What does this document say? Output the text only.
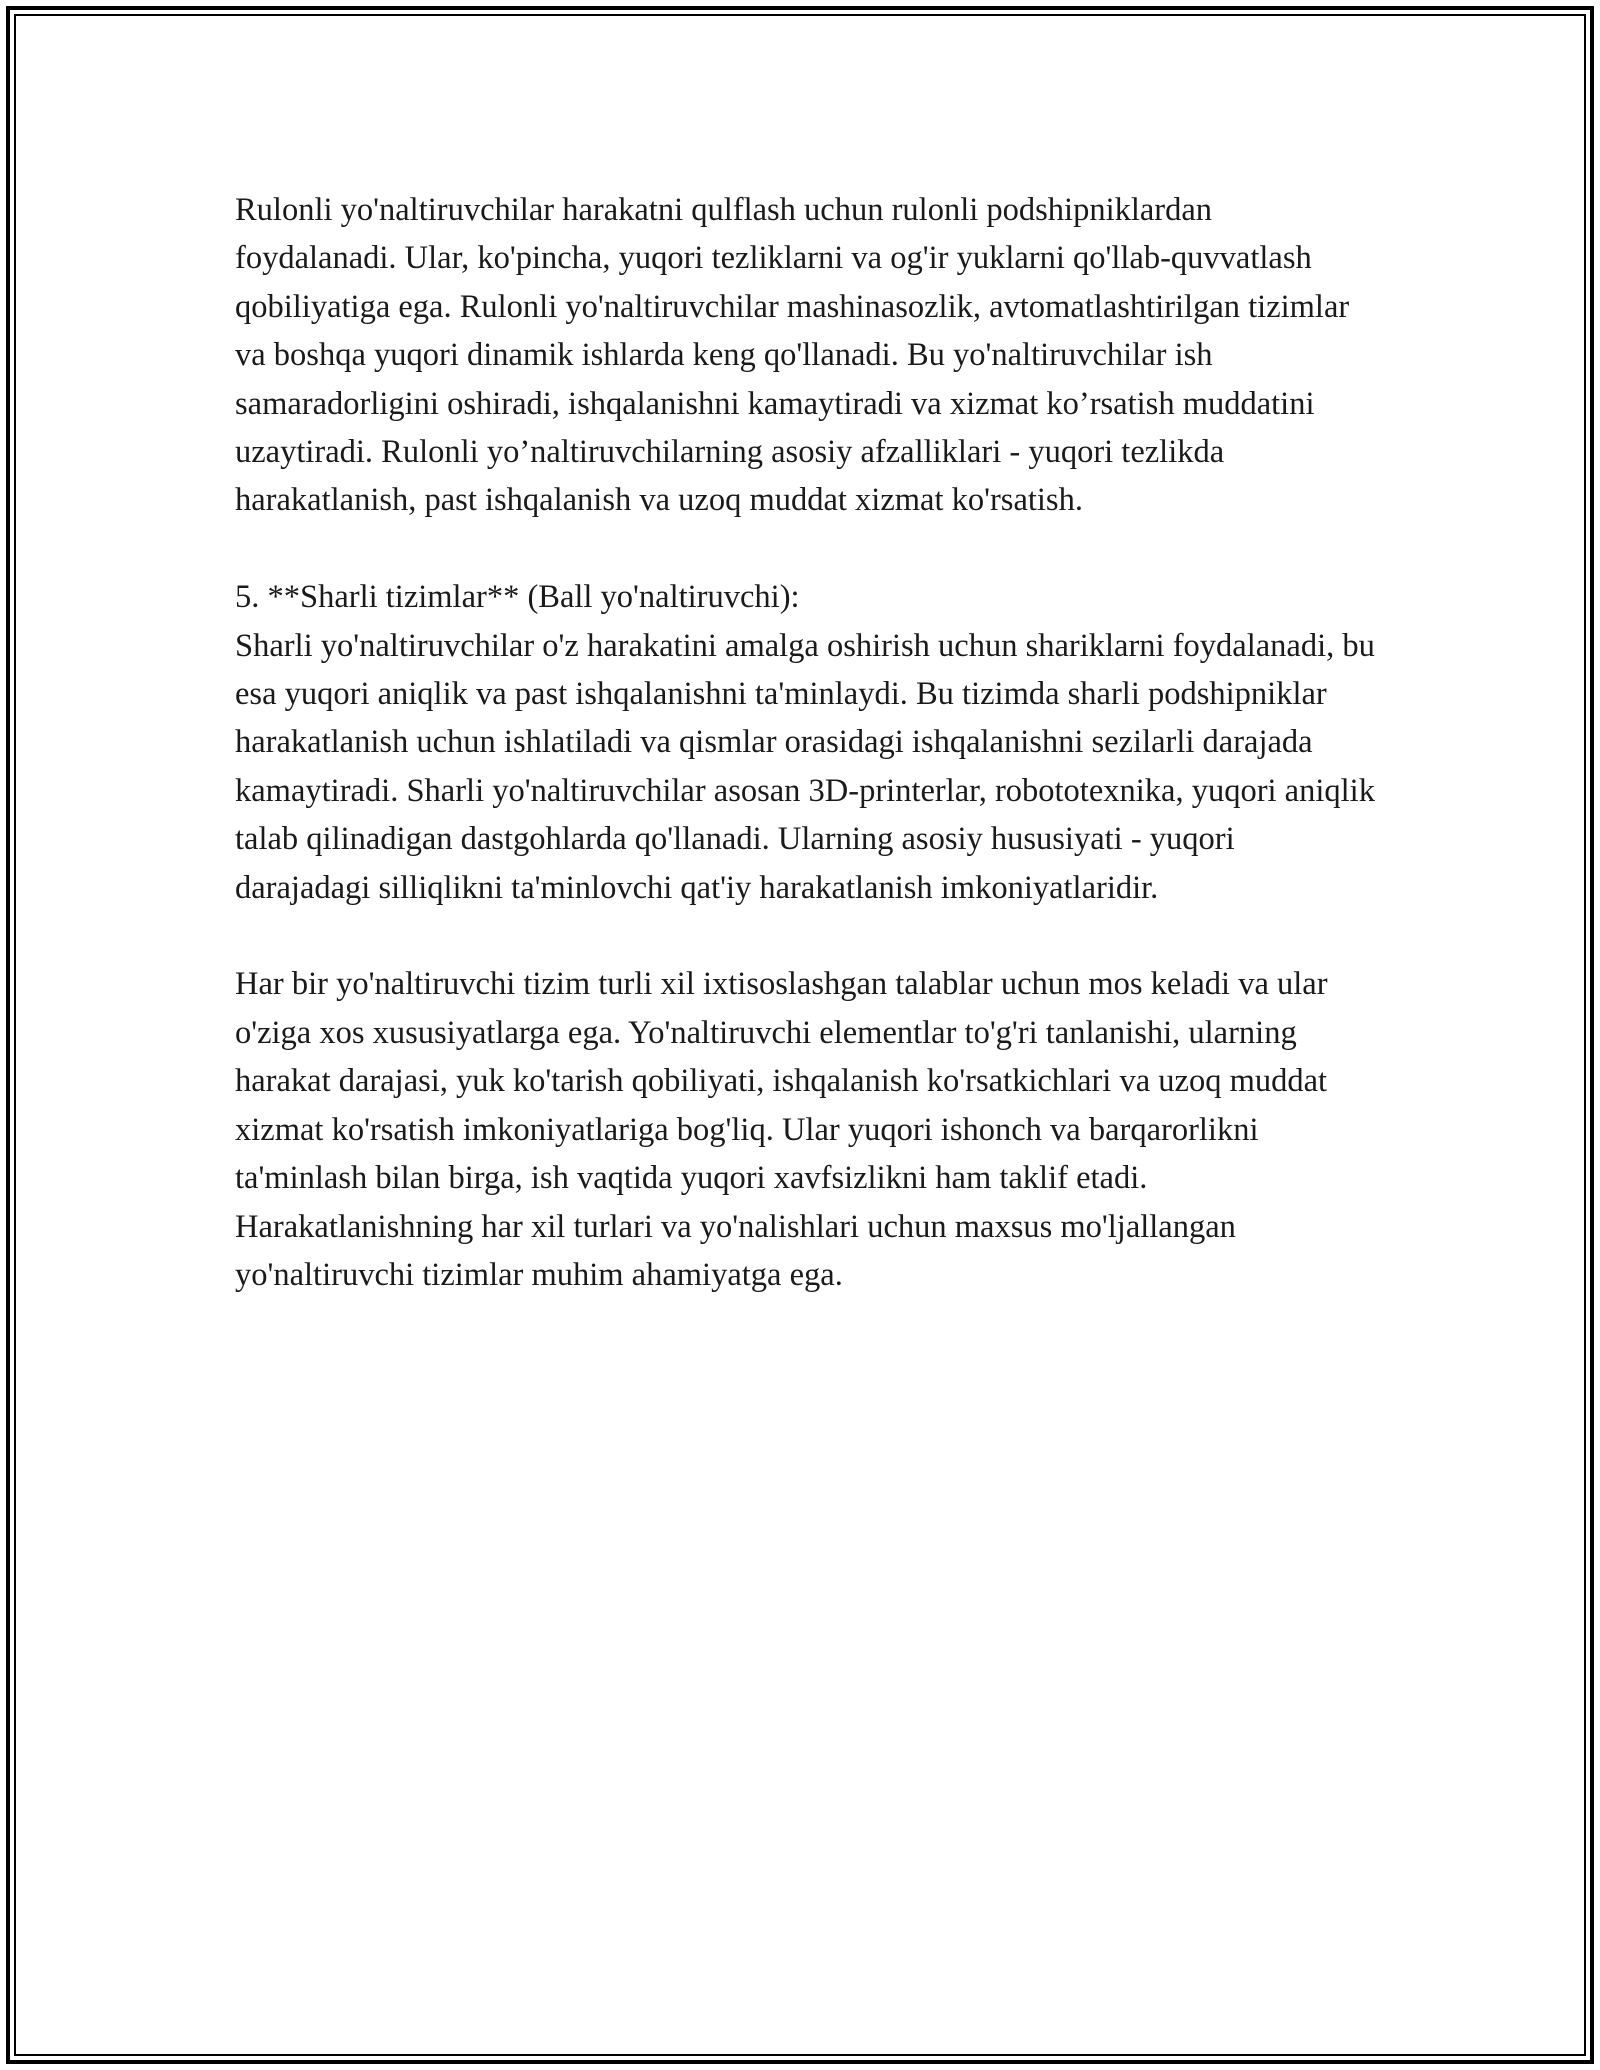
Rulonli yo'naltiruvchilar harakatni qulflash uchun rulonli podshipniklardan foydalanadi. Ular, ko'pincha, yuqori tezliklarni va og'ir yuklarni qo'llab-quvvatlash qobiliyatiga ega. Rulonli yo'naltiruvchilar mashinasozlik, avtomatlashtirilgan tizimlar va boshqa yuqori dinamik ishlarda keng qo'llanadi. Bu yo'naltiruvchilar ish samaradorligini oshiradi, ishqalanishni kamaytiradi va xizmat ko’rsatish muddatini uzaytiradi. Rulonli yo’naltiruvchilarning asosiy afzalliklari - yuqori tezlikda harakatlanish, past ishqalanish va uzoq muddat xizmat ko'rsatish.

5. **Sharli tizimlar** (Ball yo'naltiruvchi):

Sharli yo'naltiruvchilar o'z harakatini amalga oshirish uchun shariklarni foydalanadi, bu esa yuqori aniqlik va past ishqalanishni ta'minlaydi. Bu tizimda sharli podshipniklar harakatlanish uchun ishlatiladi va qismlar orasidagi ishqalanishni sezilarli darajada kamaytiradi. Sharli yo'naltiruvchilar asosan 3D-printerlar, robototexnika, yuqori aniqlik talab qilinadigan dastgohlarda qo'llanadi. Ularning asosiy hususiyati - yuqori darajadagi silliqlikni ta'minlovchi qat'iy harakatlanish imkoniyatlaridir.

Har bir yo'naltiruvchi tizim turli xil ixtisoslashgan talablar uchun mos keladi va ular o'ziga xos xususiyatlarga ega. Yo'naltiruvchi elementlar to'g'ri tanlanishi, ularning harakat darajasi, yuk ko'tarish qobiliyati, ishqalanish ko'rsatkichlari va uzoq muddat xizmat ko'rsatish imkoniyatlariga bog'liq. Ular yuqori ishonch va barqarorlikni ta'minlash bilan birga, ish vaqtida yuqori xavfsizlikni ham taklif etadi. Harakatlanishning har xil turlari va yo'nalishlari uchun maxsus mo'ljallangan yo'naltiruvchi tizimlar muhim ahamiyatga ega.
